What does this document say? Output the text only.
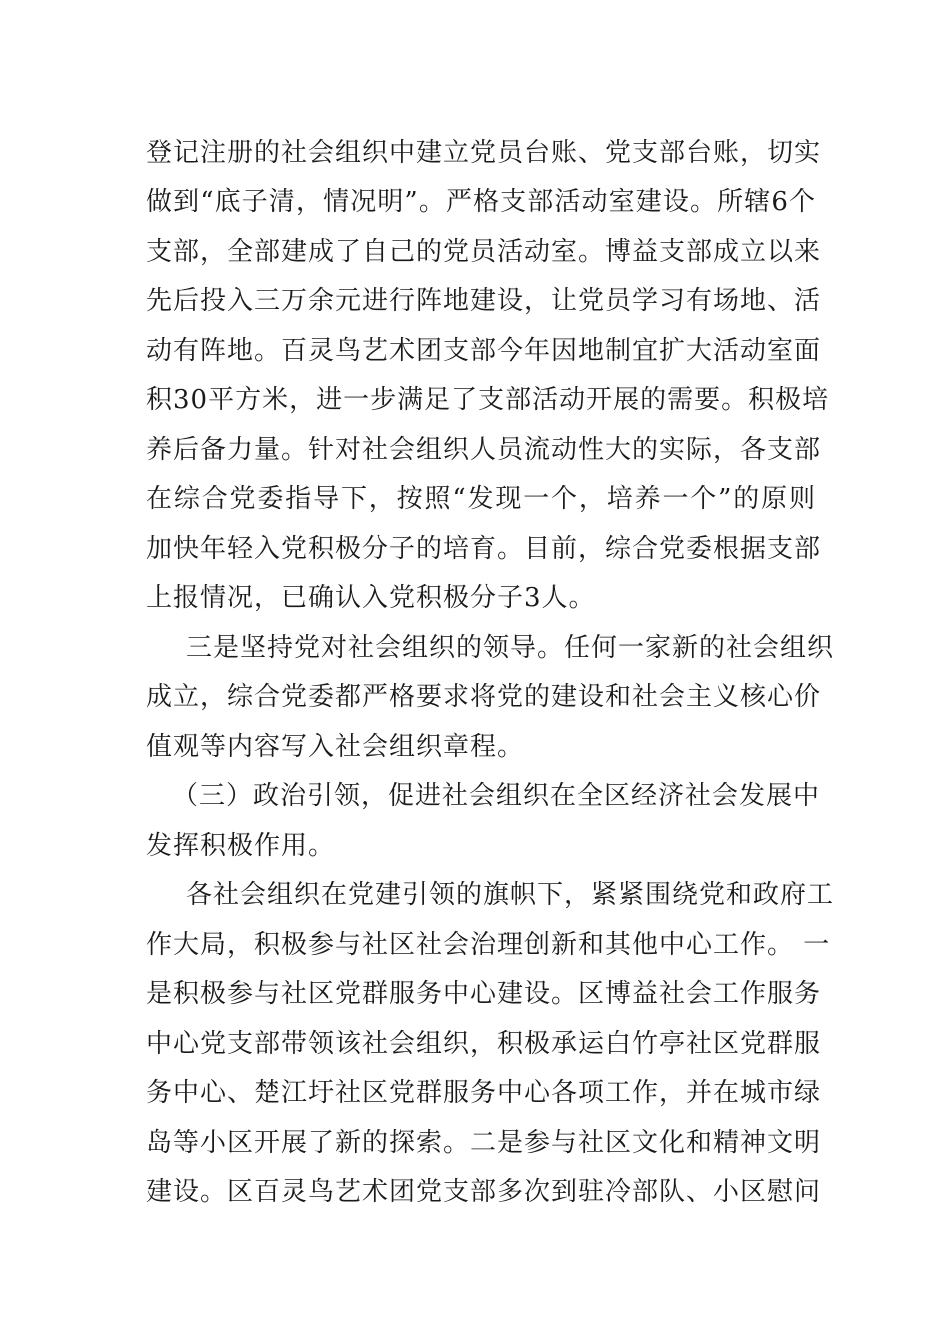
登记注册的社会组织中建立党员台账、党支部台账，切实
做到“底子清，情况明”。严格支部活动室建设。所辖6个
支部，全部建成了自己的党员活动室。博益支部成立以来
先后投入三万余元进行阵地建设，让党员学习有场地、活
动有阵地。百灵鸟艺术团支部今年因地制宜扩大活动室面
积30平方米，进一步满足了支部活动开展的需要。积极培
养后备力量。针对社会组织人员流动性大的实际，各支部
在综合党委指导下，按照“发现一个，培养一个”的原则
加快年轻入党积极分子的培育。目前，综合党委根据支部
上报情况，已确认入党积极分子3人。
三是坚持党对社会组织的领导。任何一家新的社会组织
成立，综合党委都严格要求将党的建设和社会主义核心价
值观等内容写入社会组织章程。
（三）政治引领，促进社会组织在全区经济社会发展中
发挥积极作用。
各社会组织在党建引领的旗帜下，紧紧围绕党和政府工
作大局，积极参与社区社会治理创新和其他中心工作。 一
是积极参与社区党群服务中心建设。区博益社会工作服务
中心党支部带领该社会组织，积极承运白竹亭社区党群服
务中心、楚江圩社区党群服务中心各项工作，并在城市绿
岛等小区开展了新的探索。二是参与社区文化和精神文明
建设。区百灵鸟艺术团党支部多次到驻冷部队、小区慰问
